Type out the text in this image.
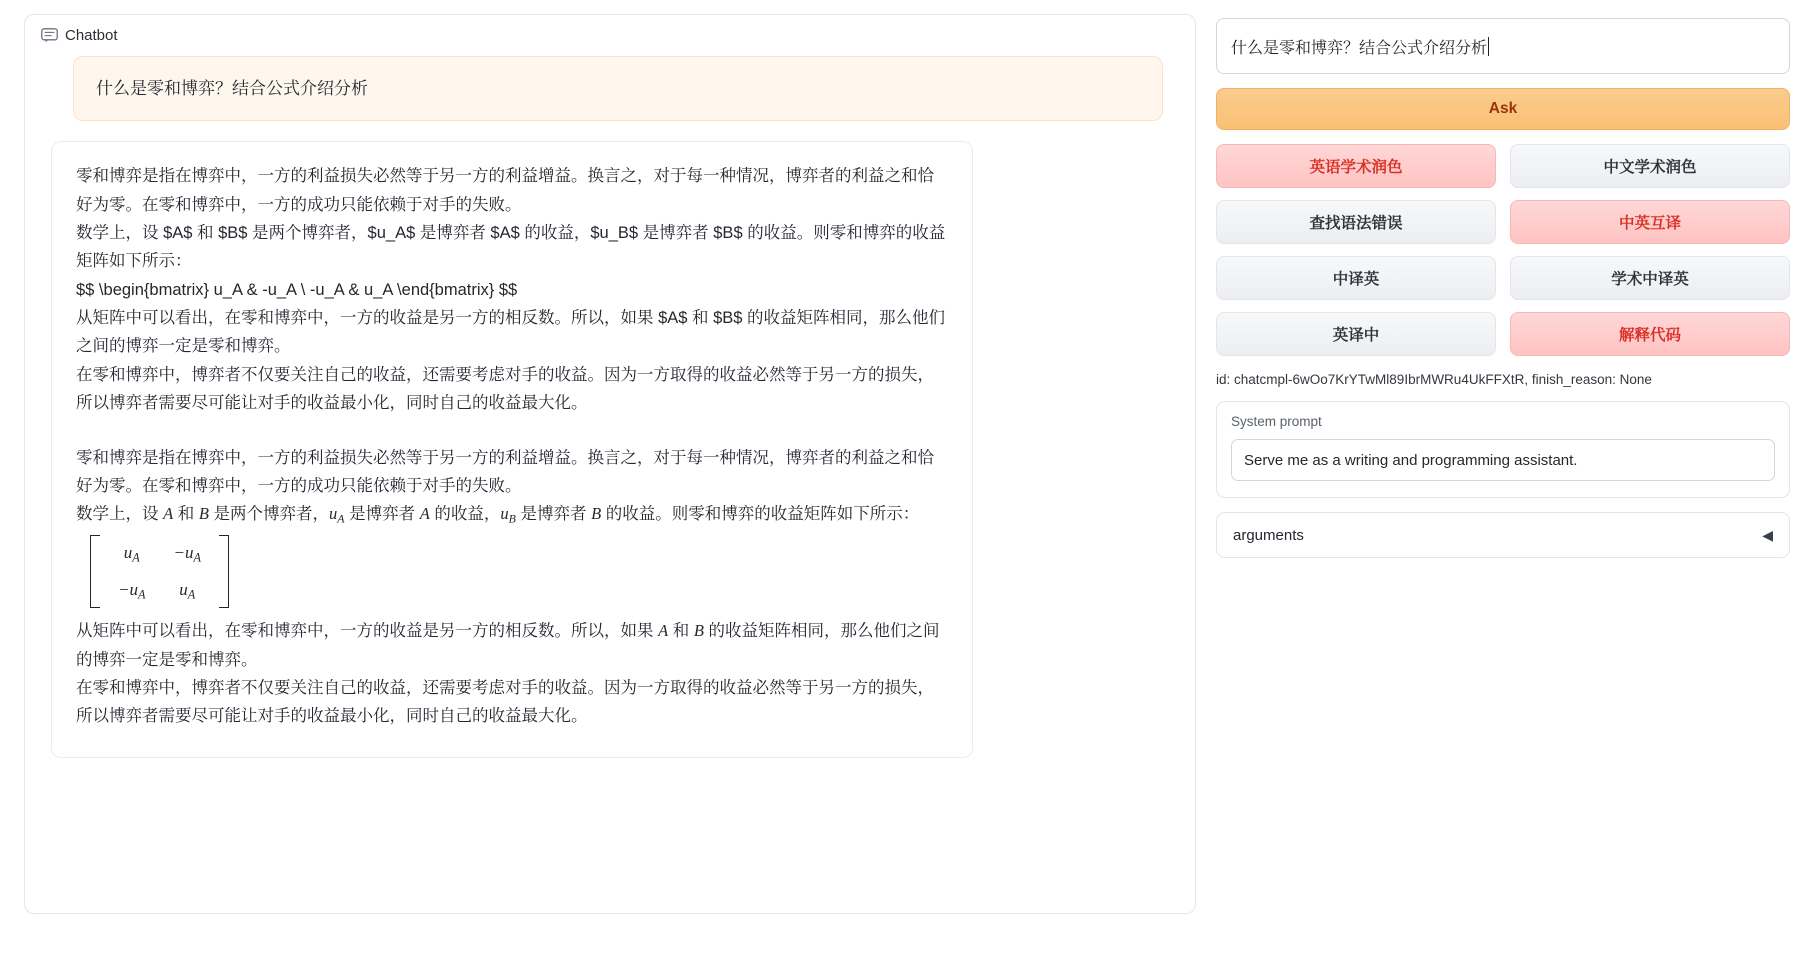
Chatbot
什么是零和博弈？结合公式介绍分析

零和博弈是指在博弈中，一方的利益损失必然等于另一方的利益增益。换言之，对于每一种情况，博弈者的利益之和恰好为零。在零和博弈中，一方的成功只能依赖于对手的失败。

数学上，设 $A$ 和 $B$ 是两个博弈者，$u_A$ 是博弈者 $A$ 的收益，$u_B$ 是博弈者 $B$ 的收益。则零和博弈的收益矩阵如下所示：

$$ \begin{bmatrix} u_A & -u_A \ -u_A & u_A \end{bmatrix} $$

从矩阵中可以看出，在零和博弈中，一方的收益是另一方的相反数。所以，如果 $A$ 和 $B$ 的收益矩阵相同，那么他们之间的博弈一定是零和博弈。

在零和博弈中，博弈者不仅要关注自己的收益，还需要考虑对手的收益。因为一方取得的收益必然等于另一方的损失，所以博弈者需要尽可能让对手的收益最小化，同时自己的收益最大化。

零和博弈是指在博弈中，一方的利益损失必然等于另一方的利益增益。换言之，对于每一种情况，博弈者的利益之和恰好为零。在零和博弈中，一方的成功只能依赖于对手的失败。

数学上，设 A 和 B 是两个博弈者，$u_A$ 是博弈者 A 的收益，$u_B$ 是博弈者 B 的收益。则零和博弈的收益矩阵如下所示：

$u_A$	$-u_A$
$-u_A$	$u_A$

从矩阵中可以看出，在零和博弈中，一方的收益是另一方的相反数。所以，如果 A 和 B 的收益矩阵相同，那么他们之间的博弈一定是零和博弈。

在零和博弈中，博弈者不仅要关注自己的收益，还需要考虑对手的收益。因为一方取得的收益必然等于另一方的损失，所以博弈者需要尽可能让对手的收益最小化，同时自己的收益最大化。

什么是零和博弈？结合公式介绍分析
Ask
英语学术润色	中文学术润色
查找语法错误	中英互译
中译英	学术中译英
英译中	解释代码
id: chatcmpl-6wOo7KrYTwMl89IbrMWRu4UkFFXtR, finish_reason: None
System prompt
Serve me as a writing and programming assistant.
arguments	◀
